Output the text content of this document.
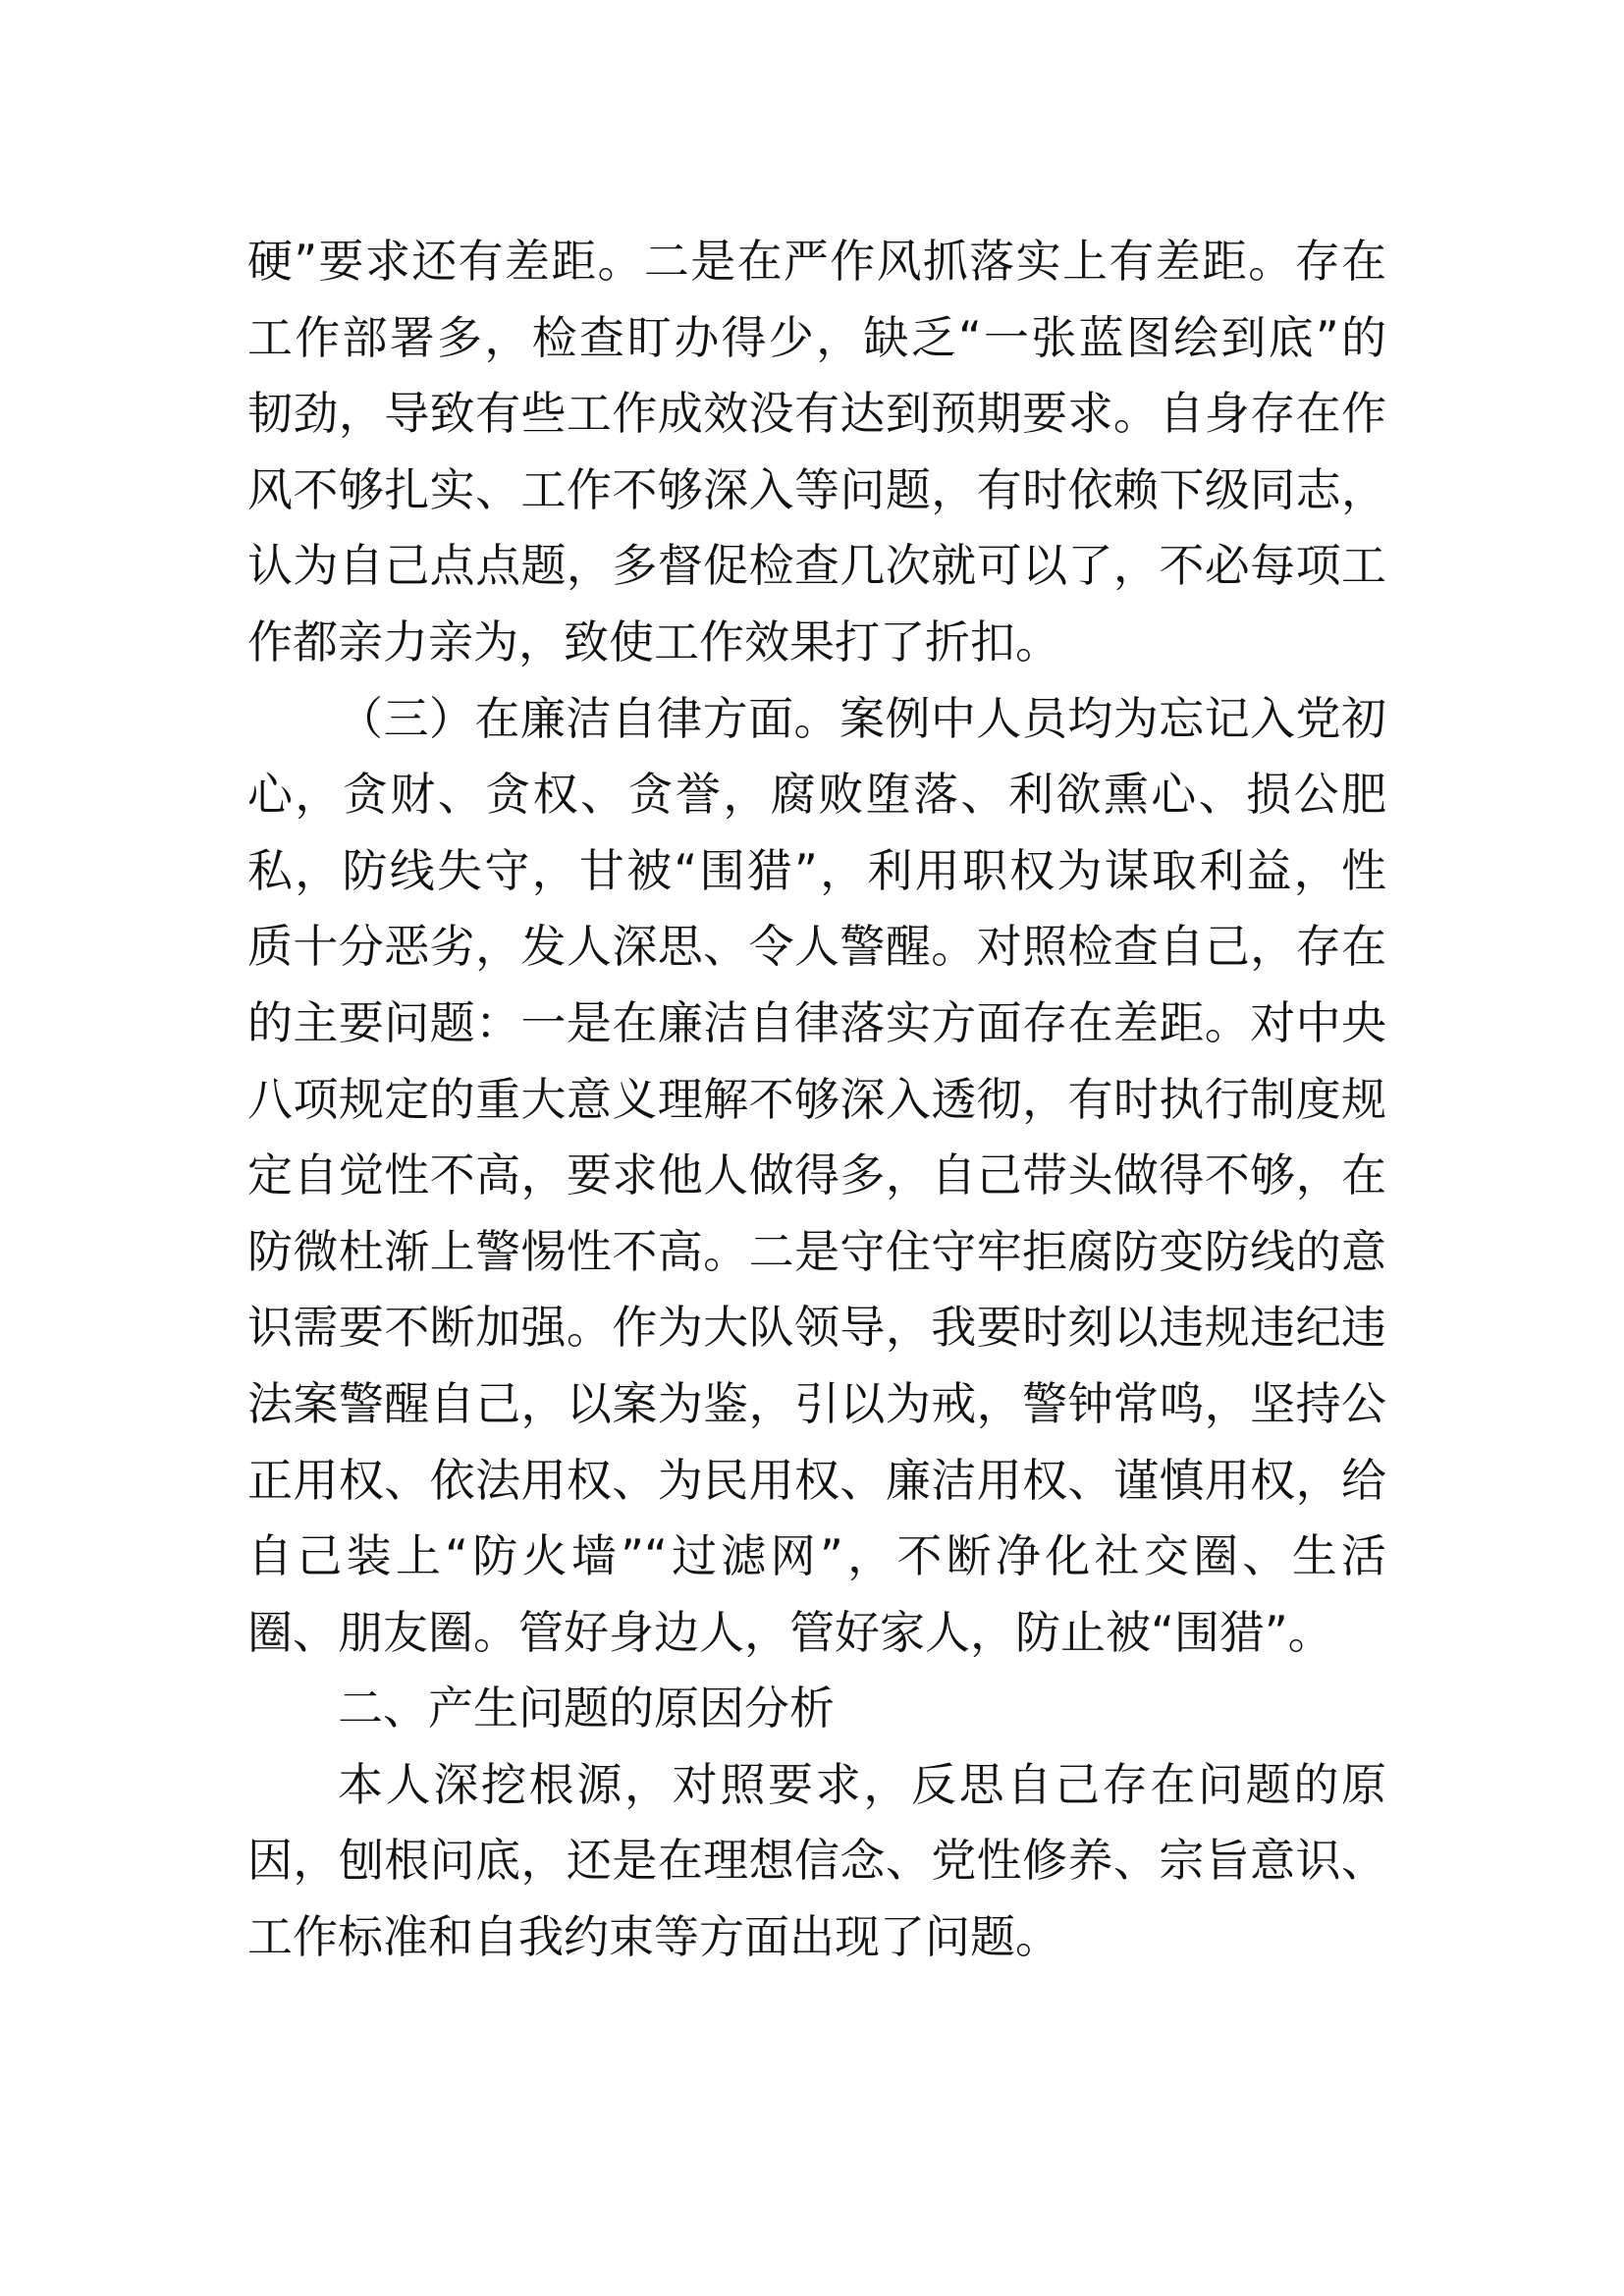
硬”要求还有差距。二是在严作风抓落实上有差距。存在
工作部署多，检查盯办得少，缺乏“一张蓝图绘到底”的
韧劲，导致有些工作成效没有达到预期要求。自身存在作
风不够扎实、工作不够深入等问题，有时依赖下级同志，
认为自己点点题，多督促检查几次就可以了，不必每项工
作都亲力亲为，致使工作效果打了折扣。
（三）在廉洁自律方面。案例中人员均为忘记入党初
心，贪财、贪权、贪誉，腐败堕落、利欲熏心、损公肥
私，防线失守，甘被“围猎”，利用职权为谋取利益，性
质十分恶劣，发人深思、令人警醒。对照检查自己，存在
的主要问题：一是在廉洁自律落实方面存在差距。对中央
八项规定的重大意义理解不够深入透彻，有时执行制度规
定自觉性不高，要求他人做得多，自己带头做得不够，在
防微杜渐上警惕性不高。二是守住守牢拒腐防变防线的意
识需要不断加强。作为大队领导，我要时刻以违规违纪违
法案警醒自己，以案为鉴，引以为戒，警钟常鸣，坚持公
正用权、依法用权、为民用权、廉洁用权、谨慎用权，给
自己装上“防火墙”“过滤网”，不断净化社交圈、生活
圈、朋友圈。管好身边人，管好家人，防止被“围猎”。
二、产生问题的原因分析
本人深挖根源，对照要求，反思自己存在问题的原
因，刨根问底，还是在理想信念、党性修养、宗旨意识、
工作标准和自我约束等方面出现了问题。
